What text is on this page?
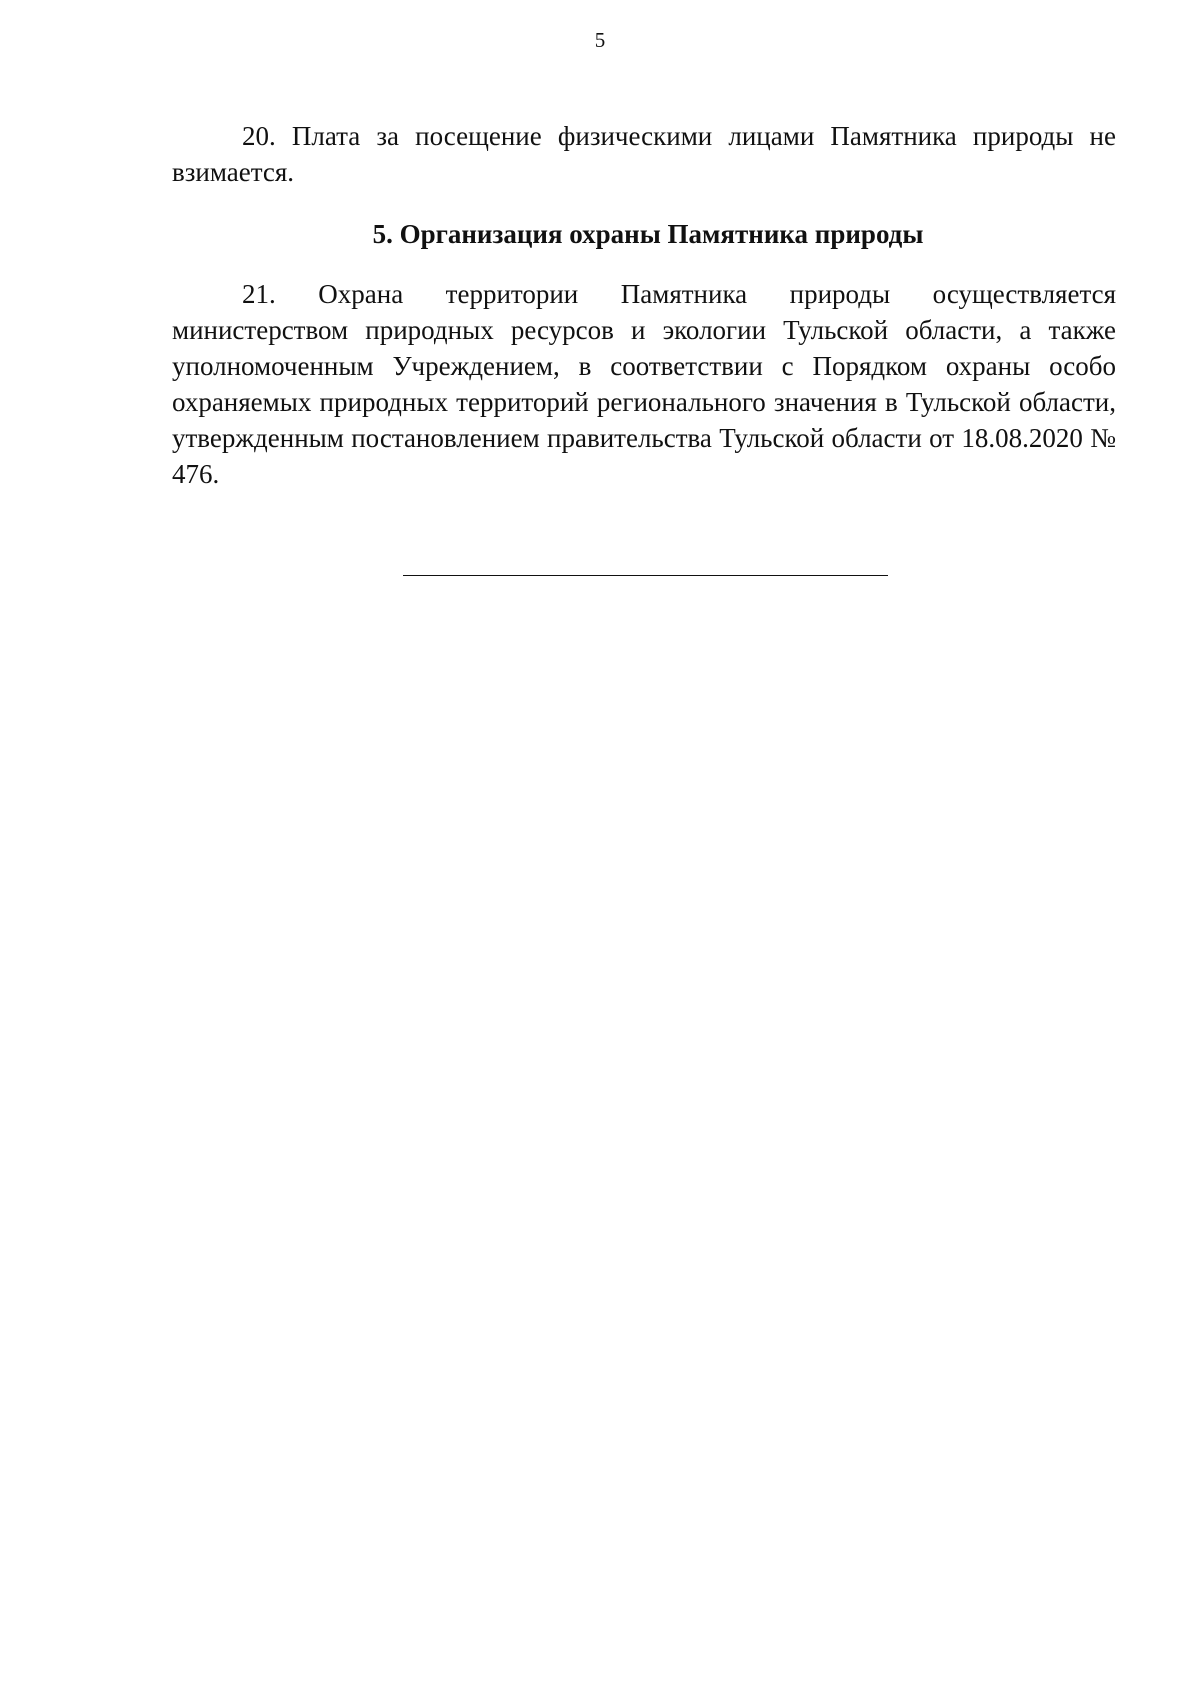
5

20. Плата за посещение физическими лицами Памятника природы не взимается.

5. Организация охраны Памятника природы

21. Охрана территории Памятника природы осуществляется министерством природных ресурсов и экологии Тульской области, а также уполномоченным Учреждением, в соответствии с Порядком охраны особо охраняемых природных территорий регионального значения в Тульской области, утвержденным постановлением правительства Тульской области от 18.08.2020 № 476.
